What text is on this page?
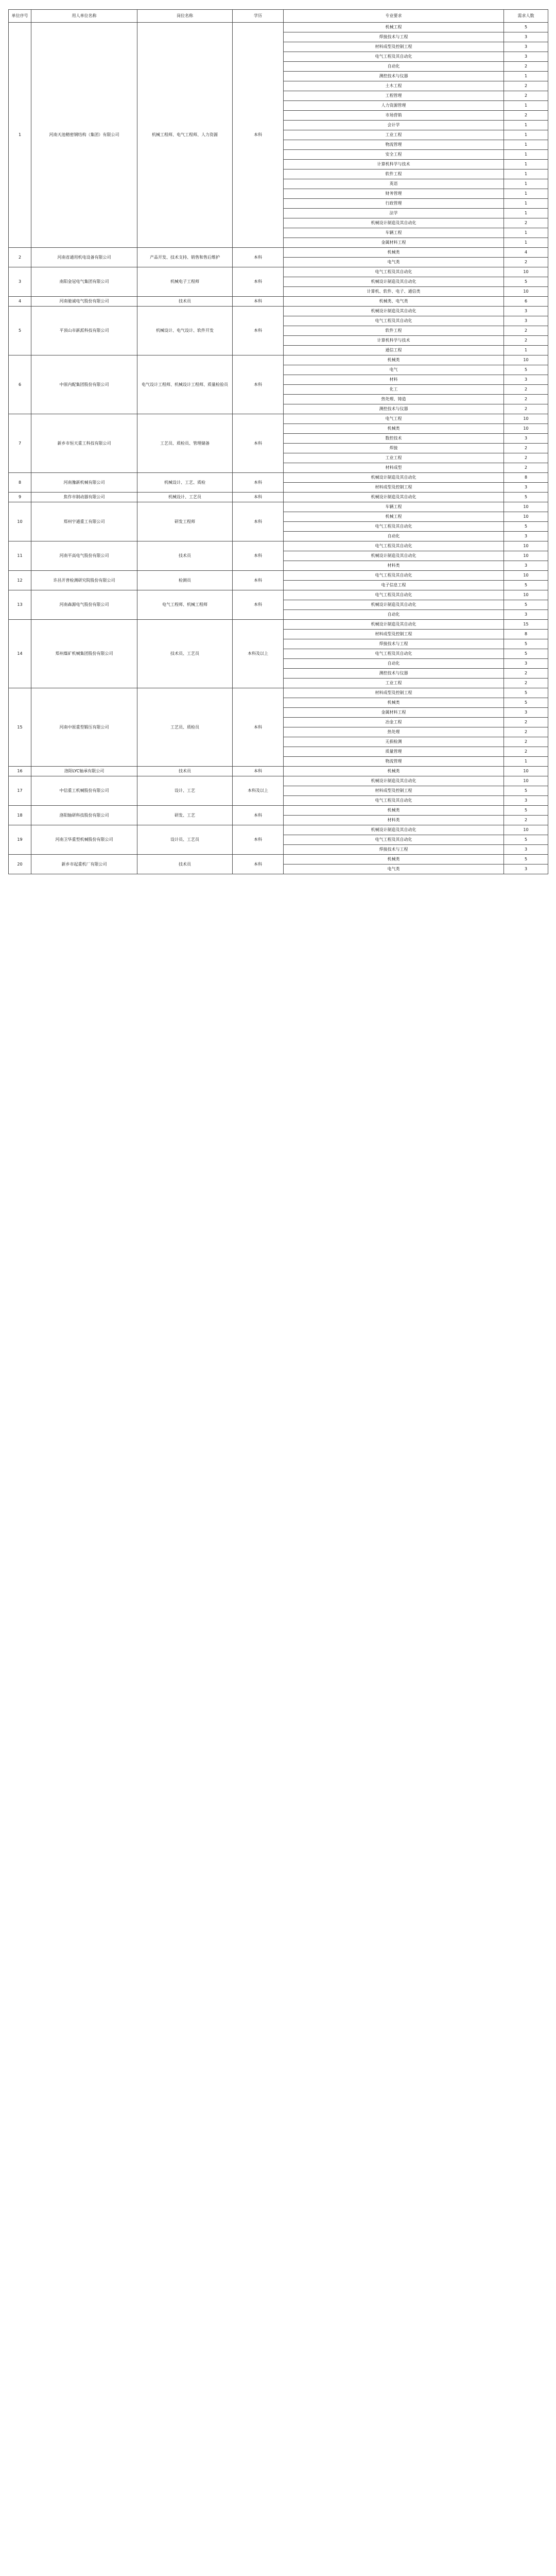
单位序号	用人单位名称	岗位名称	学历	专业要求	需求人数
1	河南天池精密钢结构（集团）有限公司	机械工程师、电气工程师、人力资源	本科	机械工程	5
				焊接技术与工程	3
				材料成型及控制工程	3
				电气工程及其自动化	3
				自动化	2
				测控技术与仪器	1
				土木工程	2
				工程管理	2
				人力资源管理	1
				市场营销	2
				会计学	1
				工业工程	1
				物流管理	1
				安全工程	1
				计算机科学与技术	1
				软件工程	1
				英语	1
				财务管理	1
				行政管理	1
				法学	1
				机械设计制造及其自动化	2
				车辆工程	1
				金属材料工程	1
2	河南省通用机电设备有限公司	产品开发、技术支持、销售和售后维护	本科	机械类	4
				电气类	2
3	南阳金冠电气集团有限公司	机械电子工程师	本科	电气工程及其自动化	10
				机械设计制造及其自动化	5
				计算机、软件、电子、通信类	10
4	河南驰诚电气股份有限公司	技术员	本科	机械类、电气类	6
5	平顶山市新派科技有限公司	机械设计、电气设计、软件开发	本科	机械设计制造及其自动化	3
				电气工程及其自动化	3
				软件工程	2
				计算机科学与技术	2
				通信工程	1
6	中原内配集团股份有限公司	电气设计工程师、机械设计工程师、质量检验员	本科	机械类	10
				电气	5
				材料	3
				化工	2
				热处理、铸造	2
				测控技术与仪器	2
7	新乡市恒天重工科技有限公司	工艺员、质检员、管理储备	本科	电气工程	10
				机械类	10
				数控技术	3
				焊接	2
				工业工程	2
				材料成型	2
8	河南豫新机械有限公司	机械设计、工艺、质检	本科	机械设计制造及其自动化	8
				材料成型及控制工程	3
9	焦作市制动器有限公司	机械设计、工艺员	本科	机械设计制造及其自动化	5
10	郑州宇通重工有限公司	研发工程师	本科	车辆工程	10
				机械工程	10
				电气工程及其自动化	5
				自动化	3
11	河南平高电气股份有限公司	技术员	本科	电气工程及其自动化	10
				机械设计制造及其自动化	10
				材料类	3
12	许昌开普检测研究院股份有限公司	检测员	本科	电气工程及其自动化	10
				电子信息工程	5
13	河南森源电气股份有限公司	电气工程师、机械工程师	本科	电气工程及其自动化	10
				机械设计制造及其自动化	5
				自动化	3
14	郑州煤矿机械集团股份有限公司	技术员、工艺员	本科及以上	机械设计制造及其自动化	15
				材料成型及控制工程	8
				焊接技术与工程	5
				电气工程及其自动化	5
				自动化	3
				测控技术与仪器	2
				工业工程	2
15	河南中原重型锻压有限公司	工艺员、质检员	本科	材料成型及控制工程	5
				机械类	5
				金属材料工程	3
				冶金工程	2
				热处理	2
				无损检测	2
				质量管理	2
				物流管理	1
16	洛阳LYC轴承有限公司	技术员	本科	机械类	10
17	中信重工机械股份有限公司	设计、工艺	本科及以上	机械设计制造及其自动化	10
				材料成型及控制工程	5
				电气工程及其自动化	3
18	洛阳轴研科技股份有限公司	研发、工艺	本科	机械类	5
				材料类	2
19	河南卫华重型机械股份有限公司	设计员、工艺员	本科	机械设计制造及其自动化	10
				电气工程及其自动化	5
				焊接技术与工程	3
20	新乡市起重机厂有限公司	技术员	本科	机械类	5
				电气类	3
